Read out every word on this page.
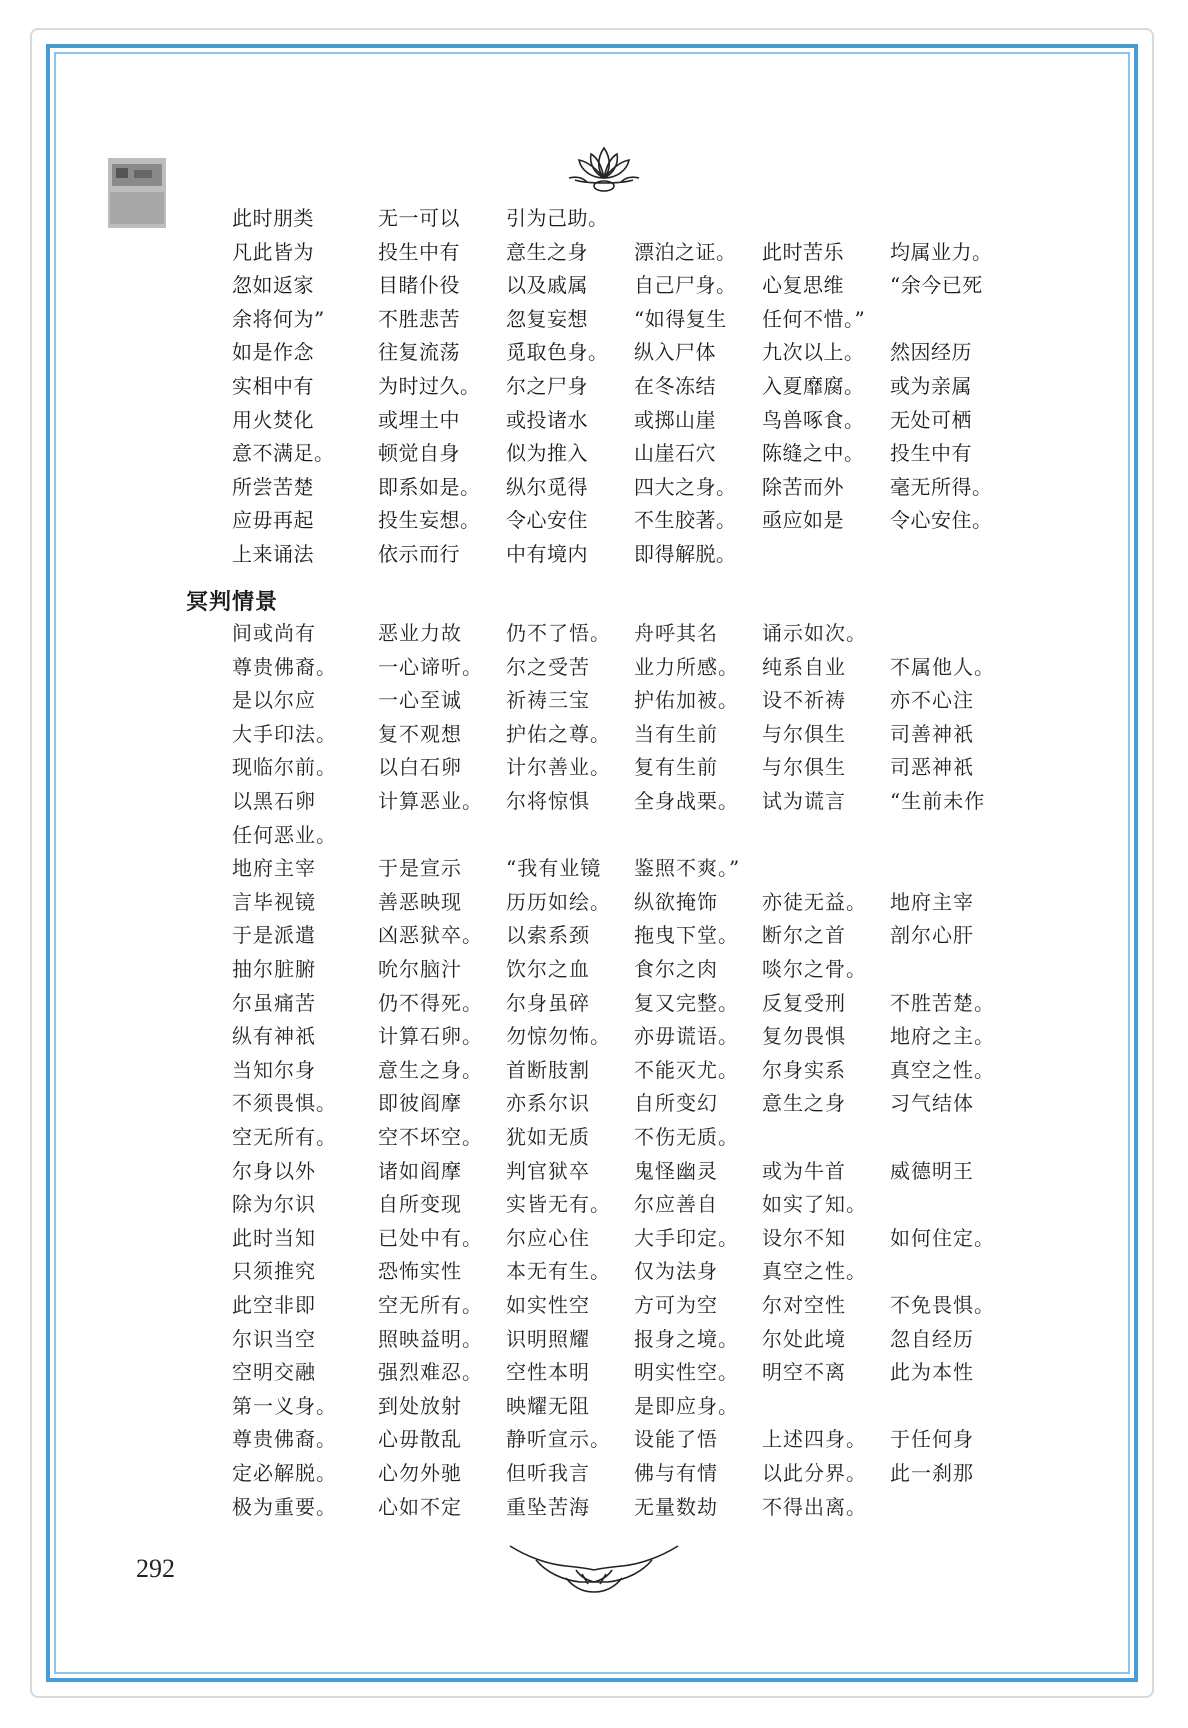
此时朋类	无一可以	引为己助。
凡此皆为	投生中有	意生之身	漂泊之证。	此时苦乐	均属业力。
忽如返家	目睹仆役	以及戚属	自己尸身。	心复思维	“余今已死
余将何为”	不胜悲苦	忽复妄想	“如得复生	任何不惜。”
如是作念	往复流荡	觅取色身。	纵入尸体	九次以上。	然因经历
实相中有	为时过久。	尔之尸身	在冬冻结	入夏靡腐。	或为亲属
用火焚化	或埋土中	或投诸水	或掷山崖	鸟兽啄食。	无处可栖
意不满足。	顿觉自身	似为推入	山崖石穴	陈缝之中。	投生中有
所尝苦楚	即系如是。	纵尔觅得	四大之身。	除苦而外	毫无所得。
应毋再起	投生妄想。	令心安住	不生胶著。	亟应如是	令心安住。
上来诵法	依示而行	中有境内	即得解脱。
冥判情景
间或尚有	恶业力故	仍不了悟。	舟呼其名	诵示如次。
尊贵佛裔。	一心谛听。	尔之受苦	业力所感。	纯系自业	不属他人。
是以尔应	一心至诚	祈祷三宝	护佑加被。	设不祈祷	亦不心注
大手印法。	复不观想	护佑之尊。	当有生前	与尔俱生	司善神祇
现临尔前。	以白石卵	计尔善业。	复有生前	与尔俱生	司恶神祇
以黑石卵	计算恶业。	尔将惊惧	全身战栗。	试为谎言	“生前未作
任何恶业。
地府主宰	于是宣示	“我有业镜	鉴照不爽。”
言毕视镜	善恶映现	历历如绘。	纵欲掩饰	亦徒无益。	地府主宰
于是派遣	凶恶狱卒。	以索系颈	拖曳下堂。	断尔之首	剖尔心肝
抽尔脏腑	吮尔脑汁	饮尔之血	食尔之肉	啖尔之骨。
尔虽痛苦	仍不得死。	尔身虽碎	复又完整。	反复受刑	不胜苦楚。
纵有神祇	计算石卵。	勿惊勿怖。	亦毋谎语。	复勿畏惧	地府之主。
当知尔身	意生之身。	首断肢割	不能灭尤。	尔身实系	真空之性。
不须畏惧。	即彼阎摩	亦系尔识	自所变幻	意生之身	习气结体
空无所有。	空不坏空。	犹如无质	不伤无质。
尔身以外	诸如阎摩	判官狱卒	鬼怪幽灵	或为牛首	威德明王
除为尔识	自所变现	实皆无有。	尔应善自	如实了知。
此时当知	已处中有。	尔应心住	大手印定。	设尔不知	如何住定。
只须推究	恐怖实性	本无有生。	仅为法身	真空之性。
此空非即	空无所有。	如实性空	方可为空	尔对空性	不免畏惧。
尔识当空	照映益明。	识明照耀	报身之境。	尔处此境	忽自经历
空明交融	强烈难忍。	空性本明	明实性空。	明空不离	此为本性
第一义身。	到处放射	映耀无阻	是即应身。
尊贵佛裔。	心毋散乱	静听宣示。	设能了悟	上述四身。	于任何身
定必解脱。	心勿外驰	但听我言	佛与有情	以此分界。	此一刹那
极为重要。	心如不定	重坠苦海	无量数劫	不得出离。
292
